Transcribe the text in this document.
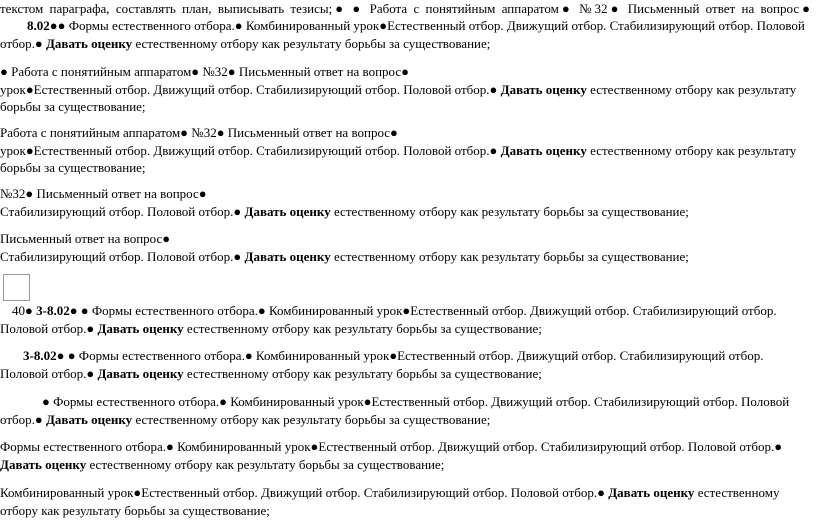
текстом параграфа, составлять план, выписывать тезисы;● ● Работа с понятийным аппаратом● №32● Письменный ответ на вопрос●
8.02●● Формы естественного отбора.● Комбинированный урок●Естественный отбор. Движущий отбор. Стабилизирующий отбор. Половой отбор.● Давать оценку естественному отбору как результату борьбы за существование;
● Работа с понятийным аппаратом● №32● Письменный ответ на вопрос●
урок●Естественный отбор. Движущий отбор. Стабилизирующий отбор. Половой отбор.● Давать оценку естественному отбору как результату борьбы за существование;
Работа с понятийным аппаратом● №32● Письменный ответ на вопрос●
урок●Естественный отбор. Движущий отбор. Стабилизирующий отбор. Половой отбор.● Давать оценку естественному отбору как результату борьбы за существование;
№32● Письменный ответ на вопрос●
Стабилизирующий отбор. Половой отбор.● Давать оценку естественному отбору как результату борьбы за существование;
Письменный ответ на вопрос●
Стабилизирующий отбор. Половой отбор.● Давать оценку естественному отбору как результату борьбы за существование;
40● 3-8.02● ● Формы естественного отбора.● Комбинированный урок●Естественный отбор. Движущий отбор. Стабилизирующий отбор. Половой отбор.● Давать оценку естественному отбору как результату борьбы за существование;
3-8.02● ● Формы естественного отбора.● Комбинированный урок●Естественный отбор. Движущий отбор. Стабилизирующий отбор. Половой отбор.● Давать оценку естественному отбору как результату борьбы за существование;
● Формы естественного отбора.● Комбинированный урок●Естественный отбор. Движущий отбор. Стабилизирующий отбор. Половой отбор.● Давать оценку естественному отбору как результату борьбы за существование;
Формы естественного отбора.● Комбинированный урок●Естественный отбор. Движущий отбор. Стабилизирующий отбор. Половой отбор.● Давать оценку естественному отбору как результату борьбы за существование;
Комбинированный урок●Естественный отбор. Движущий отбор. Стабилизирующий отбор. Половой отбор.● Давать оценку естественному отбору как результату борьбы за существование;
